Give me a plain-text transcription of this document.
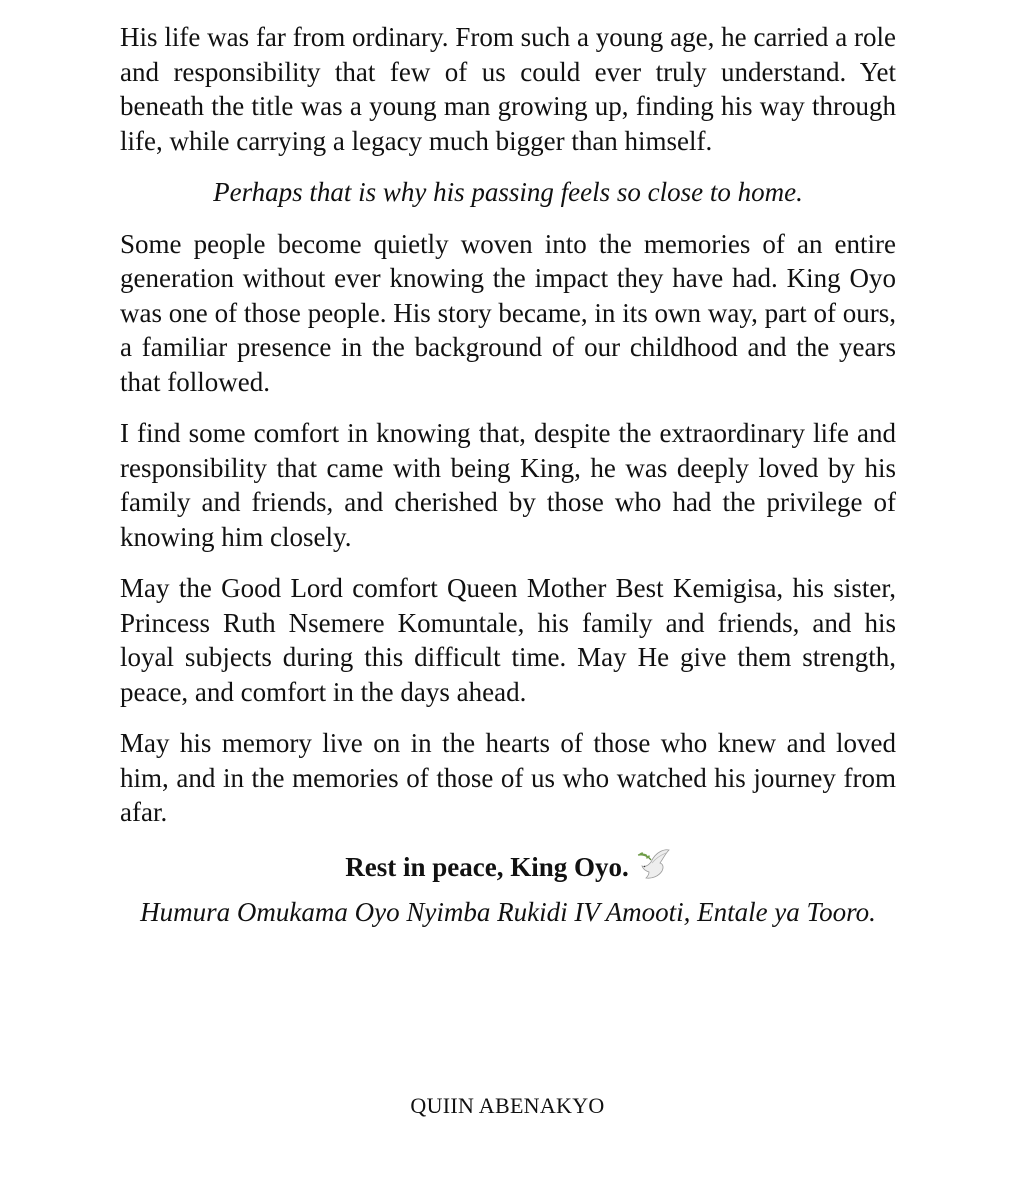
His life was far from ordinary. From such a young age, he carried a role and responsibility that few of us could ever truly understand. Yet beneath the title was a young man growing up, finding his way through life, while carrying a legacy much bigger than himself.

Perhaps that is why his passing feels so close to home.

Some people become quietly woven into the memories of an entire generation without ever knowing the impact they have had. King Oyo was one of those people. His story became, in its own way, part of ours, a familiar presence in the background of our childhood and the years that followed.

I find some comfort in knowing that, despite the extraordinary life and responsibility that came with being King, he was deeply loved by his family and friends, and cherished by those who had the privilege of knowing him closely.

May the Good Lord comfort Queen Mother Best Kemigisa, his sister, Princess Ruth Nsemere Komuntale, his family and friends, and his loyal subjects during this difficult time. May He give them strength, peace, and comfort in the days ahead.

May his memory live on in the hearts of those who knew and loved him, and in the memories of those of us who watched his journey from afar.

Rest in peace, King Oyo.

Humura Omukama Oyo Nyimba Rukidi IV Amooti, Entale ya Tooro.

QUIIN ABENAKYO
